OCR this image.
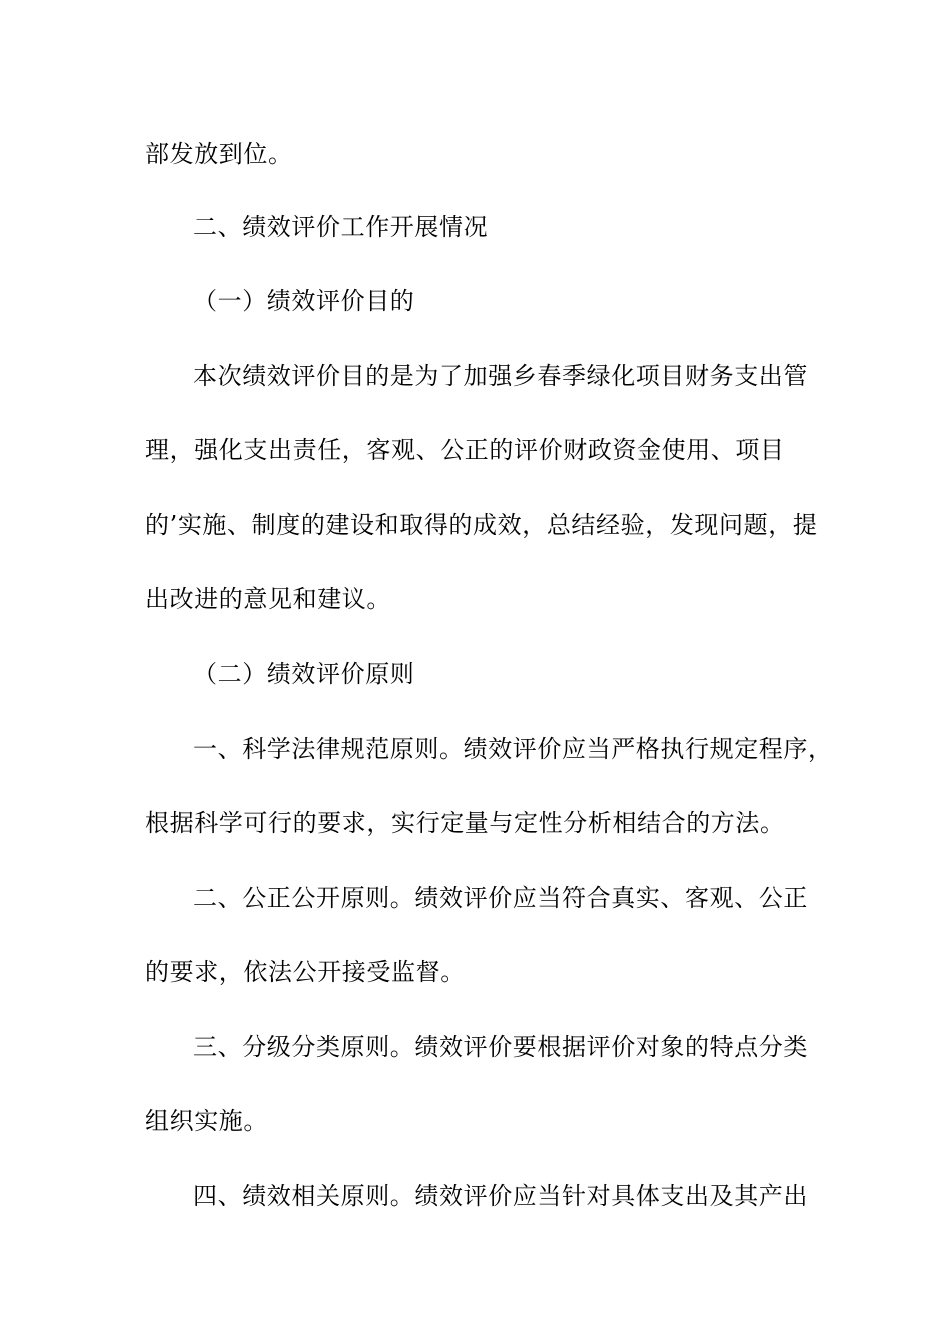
部发放到位。
二、绩效评价工作开展情况
（一）绩效评价目的
本次绩效评价目的是为了加强乡春季绿化项目财务支出管
理，强化支出责任，客观、公正的评价财政资金使用、项目
的’实施、制度的建设和取得的成效，总结经验，发现问题，提
出改进的意见和建议。
（二）绩效评价原则
一、科学法律规范原则。绩效评价应当严格执行规定程序，
根据科学可行的要求，实行定量与定性分析相结合的方法。
二、公正公开原则。绩效评价应当符合真实、客观、公正
的要求，依法公开接受监督。
三、分级分类原则。绩效评价要根据评价对象的特点分类
组织实施。
四、绩效相关原则。绩效评价应当针对具体支出及其产出
